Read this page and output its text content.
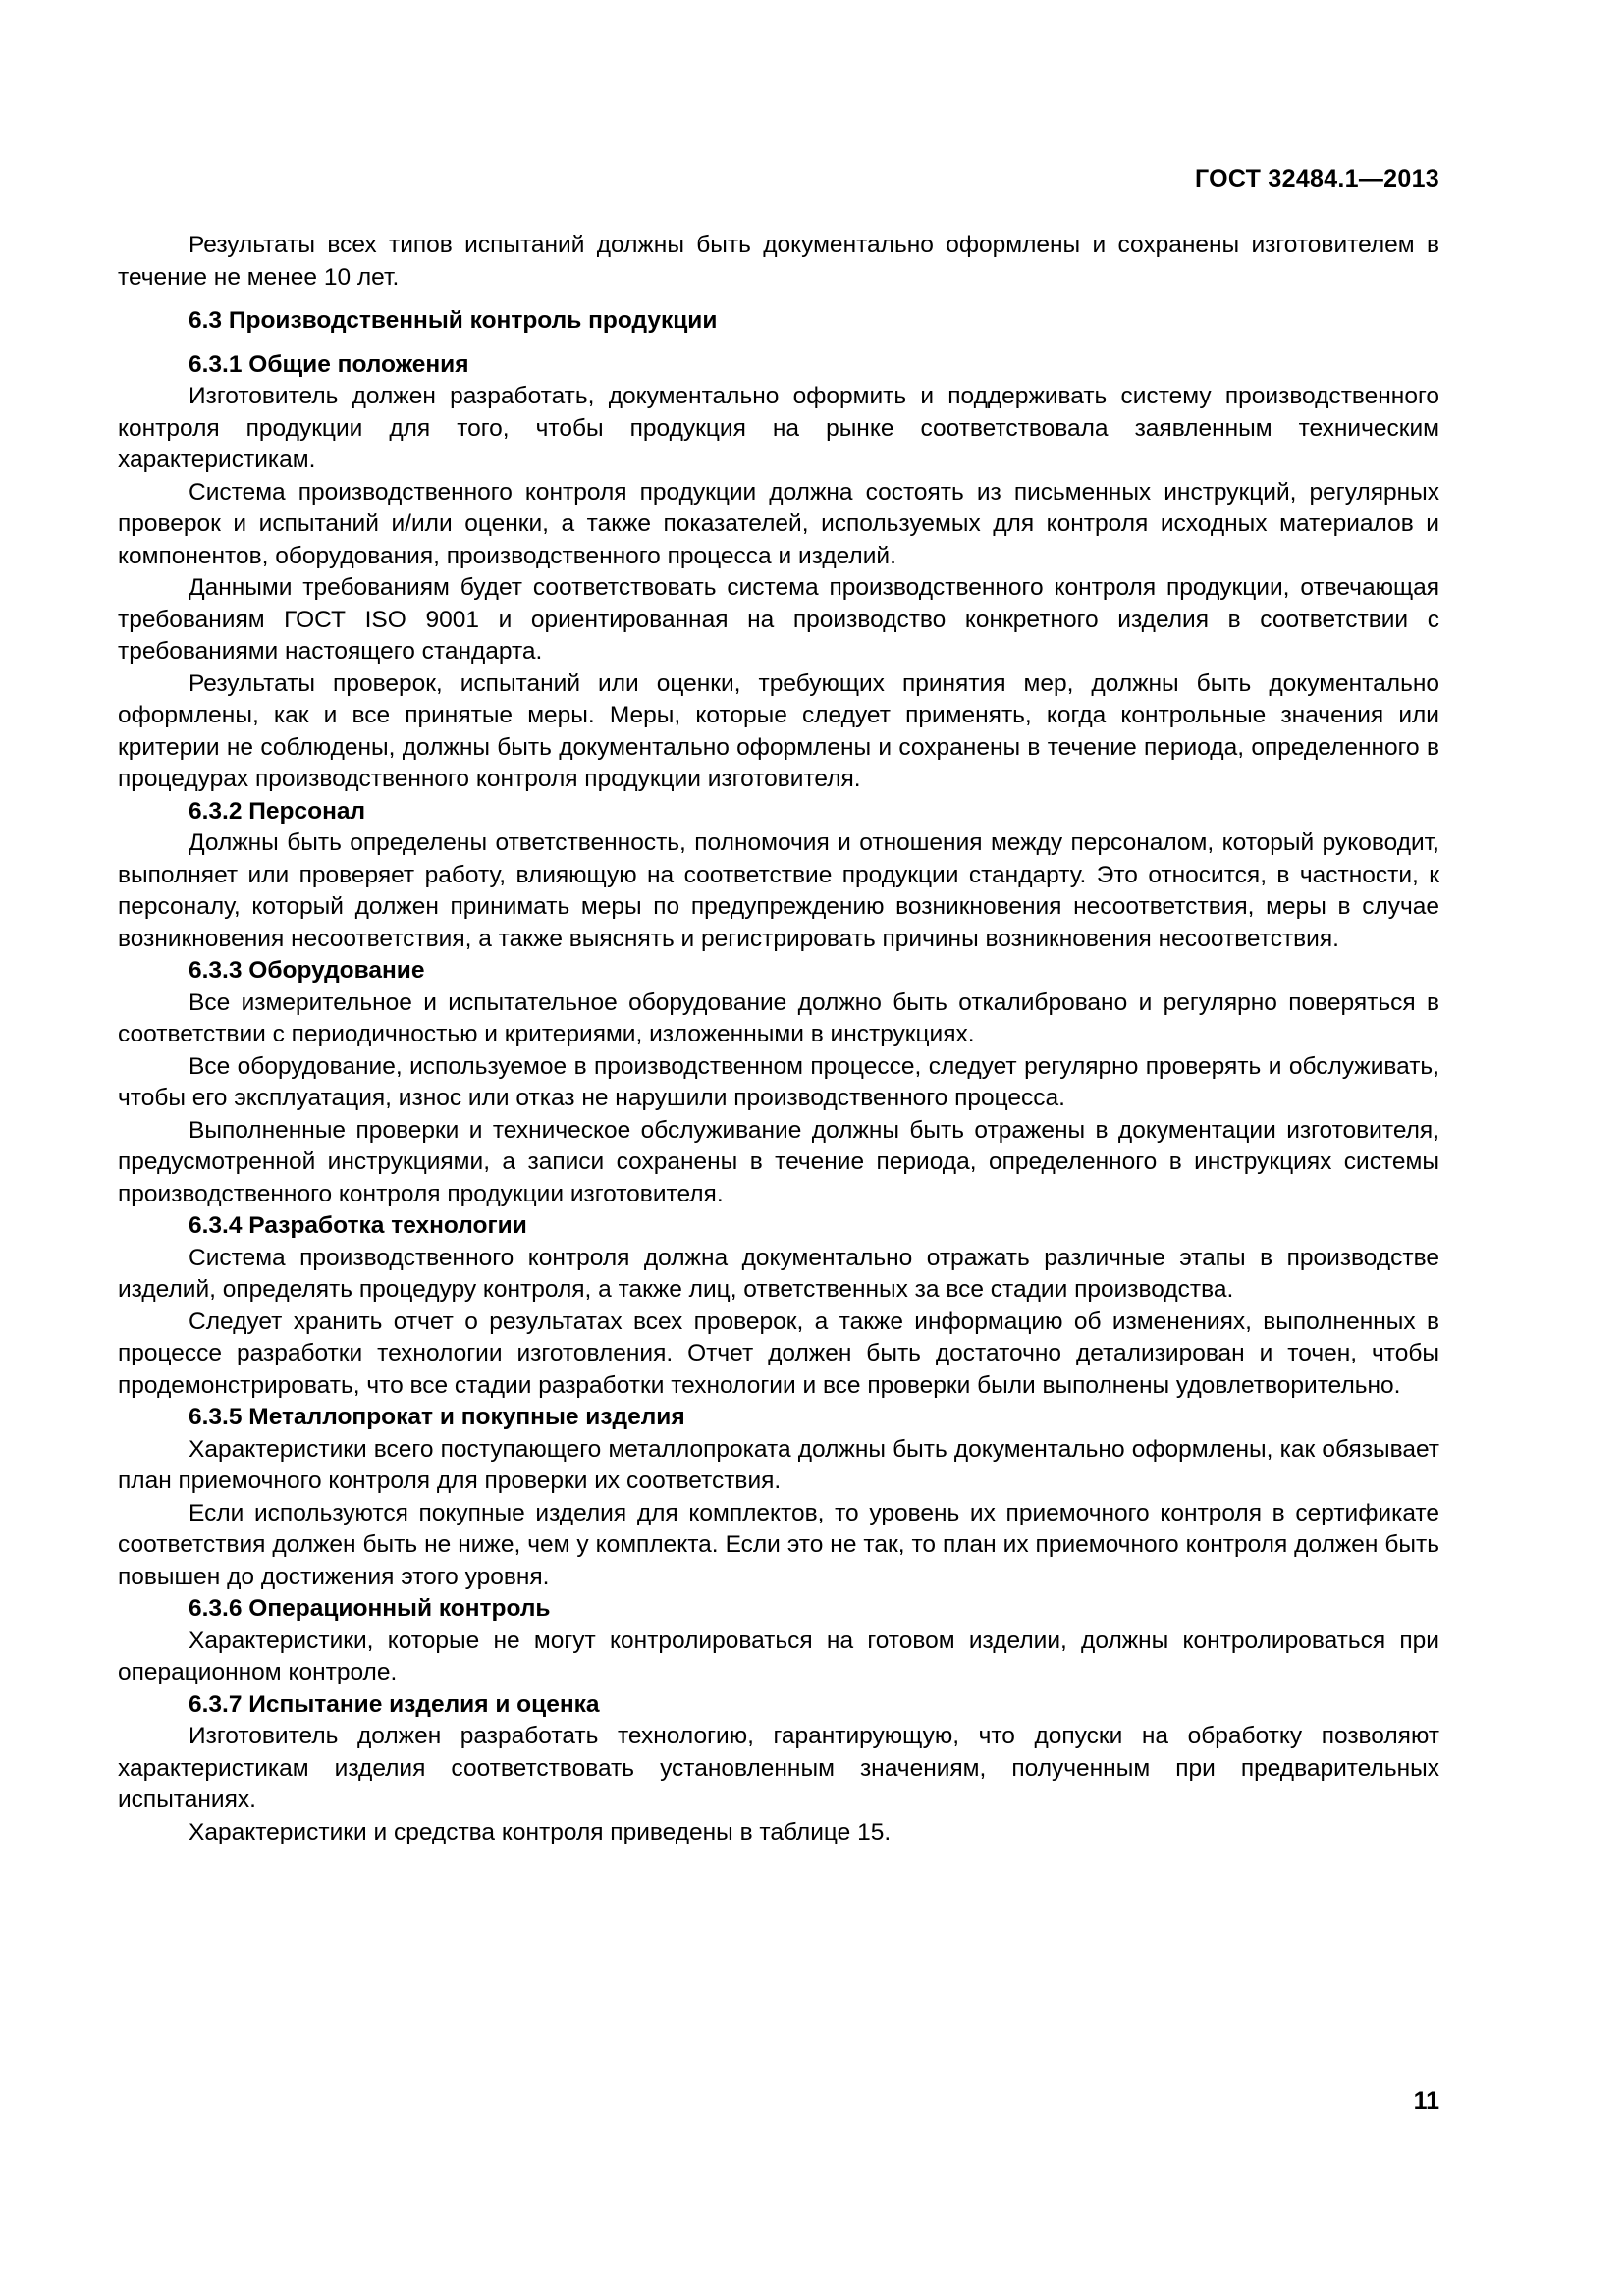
ГОСТ 32484.1—2013

Результаты всех типов испытаний должны быть документально оформлены и сохранены изготовителем в течение не менее 10 лет.

6.3 Производственный контроль продукции
6.3.1 Общие положения

Изготовитель должен разработать, документально оформить и поддерживать систему производственного контроля продукции для того, чтобы продукция на рынке соответствовала заявленным техническим характеристикам.

Система производственного контроля продукции должна состоять из письменных инструкций, регулярных проверок и испытаний и/или оценки, а также показателей, используемых для контроля исходных материалов и компонентов, оборудования, производственного процесса и изделий.

Данными требованиям будет соответствовать система производственного контроля продукции, отвечающая требованиям ГОСТ ISO 9001 и ориентированная на производство конкретного изделия в соответствии с требованиями настоящего стандарта.

Результаты проверок, испытаний или оценки, требующих принятия мер, должны быть документально оформлены, как и все принятые меры. Меры, которые следует применять, когда контрольные значения или критерии не соблюдены, должны быть документально оформлены и сохранены в течение периода, определенного в процедурах производственного контроля продукции изготовителя.

6.3.2 Персонал

Должны быть определены ответственность, полномочия и отношения между персоналом, который руководит, выполняет или проверяет работу, влияющую на соответствие продукции стандарту. Это относится, в частности, к персоналу, который должен принимать меры по предупреждению возникновения несоответствия, меры в случае возникновения несоответствия, а также выяснять и регистрировать причины возникновения несоответствия.

6.3.3 Оборудование

Все измерительное и испытательное оборудование должно быть откалибровано и регулярно поверяться в соответствии с периодичностью и критериями, изложенными в инструкциях.

Все оборудование, используемое в производственном процессе, следует регулярно проверять и обслуживать, чтобы его эксплуатация, износ или отказ не нарушили производственного процесса.

Выполненные проверки и техническое обслуживание должны быть отражены в документации изготовителя, предусмотренной инструкциями, а записи сохранены в течение периода, определенного в инструкциях системы производственного контроля продукции изготовителя.

6.3.4 Разработка технологии

Система производственного контроля должна документально отражать различные этапы в производстве изделий, определять процедуру контроля, а также лиц, ответственных за все стадии производства.

Следует хранить отчет о результатах всех проверок, а также информацию об изменениях, выполненных в процессе разработки технологии изготовления. Отчет должен быть достаточно детализирован и точен, чтобы продемонстрировать, что все стадии разработки технологии и все проверки были выполнены удовлетворительно.

6.3.5 Металлопрокат и покупные изделия

Характеристики всего поступающего металлопроката должны быть документально оформлены, как обязывает план приемочного контроля для проверки их соответствия.

Если используются покупные изделия для комплектов, то уровень их приемочного контроля в сертификате соответствия должен быть не ниже, чем у комплекта. Если это не так, то план их приемочного контроля должен быть повышен до достижения этого уровня.

6.3.6 Операционный контроль

Характеристики, которые не могут контролироваться на готовом изделии, должны контролироваться при операционном контроле.

6.3.7 Испытание изделия и оценка

Изготовитель должен разработать технологию, гарантирующую, что допуски на обработку позволяют характеристикам изделия соответствовать установленным значениям, полученным при предварительных испытаниях.

Характеристики и средства контроля приведены в таблице 15.

11
